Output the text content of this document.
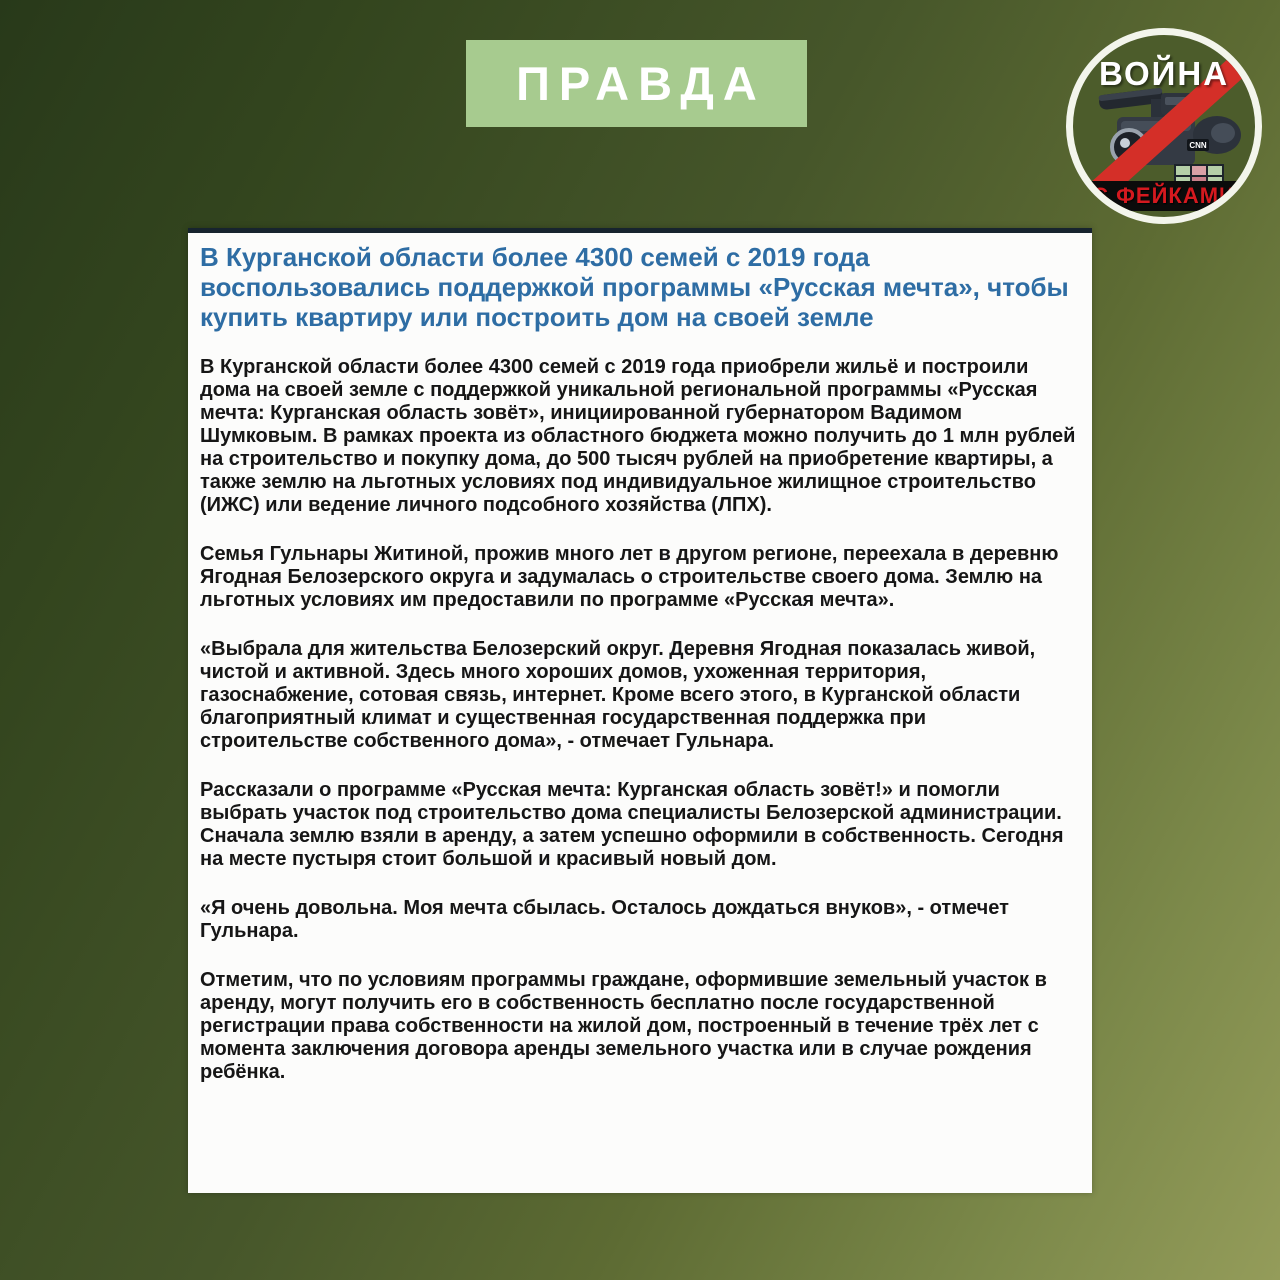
ПРАВДА	ВОЙНА
CNN
С ФЕЙКАМИ
В Курганской области более 4300 семей с 2019 года воспользовались поддержкой программы «Русская мечта», чтобы купить квартиру или построить дом на своей земле

В Курганской области более 4300 семей с 2019 года приобрели жильё и построили дома на своей земле с поддержкой уникальной региональной программы «Русская мечта: Курганская область зовёт», инициированной губернатором Вадимом Шумковым. В рамках проекта из областного бюджета можно получить до 1 млн рублей на строительство и покупку дома, до 500 тысяч рублей на приобретение квартиры, а также землю на льготных условиях под индивидуальное жилищное строительство (ИЖС) или ведение личного подсобного хозяйства (ЛПХ).

Семья Гульнары Житиной, прожив много лет в другом регионе, переехала в деревню Ягодная Белозерского округа и задумалась о строительстве своего дома. Землю на льготных условиях им предоставили по программе «Русская мечта».

«Выбрала для жительства Белозерский округ. Деревня Ягодная показалась живой, чистой и активной. Здесь много хороших домов, ухоженная территория, газоснабжение, сотовая связь, интернет. Кроме всего этого, в Курганской области благоприятный климат и существенная государственная поддержка при строительстве собственного дома», - отмечает Гульнара.

Рассказали о программе «Русская мечта: Курганская область зовёт!» и помогли выбрать участок под строительство дома специалисты Белозерской администрации. Сначала землю взяли в аренду, а затем успешно оформили в собственность. Сегодня на месте пустыря стоит большой и красивый новый дом.

«Я очень довольна. Моя мечта сбылась. Осталось дождаться внуков», - отмечет Гульнара.

Отметим, что по условиям программы граждане, оформившие земельный участок в аренду, могут получить его в собственность бесплатно после государственной регистрации права собственности на жилой дом, построенный в течение трёх лет с момента заключения договора аренды земельного участка или в случае рождения ребёнка.
